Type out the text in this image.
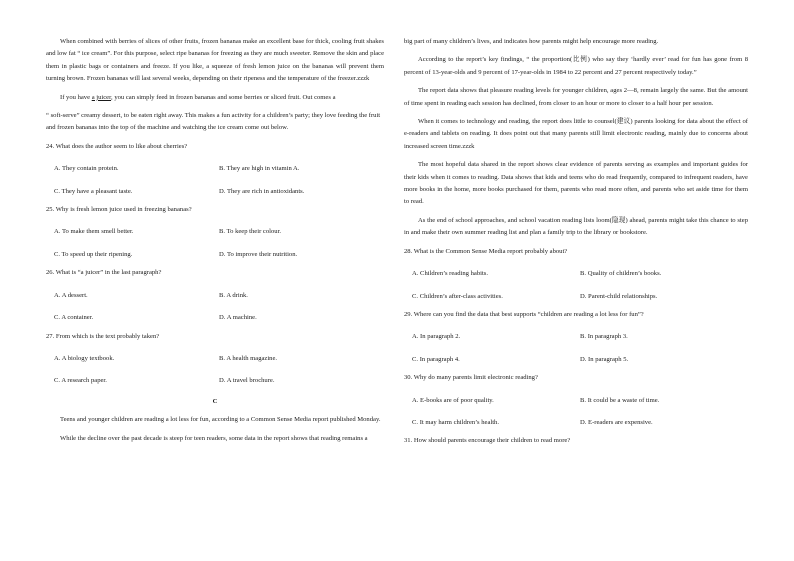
When combined with berries of slices of other fruits, frozen bananas make an excellent base for thick, cooling fruit shakes and low fat “ ice cream”. For this purpose, select ripe bananas for freezing as they are much sweeter. Remove the skin and place them in plastic bags or containers and freeze. If you like, a squeeze of fresh lemon juice on the bananas will prevent them turning brown. Frozen bananas will last several weeks, depending on their ripeness and the temperature of the freezer.zzzk

If you have a juicer, you can simply feed in frozen bananas and some berries or sliced fruit. Out comes a

“ soft-serve” creamy dessert, to be eaten right away. This makes a fun activity for a children’s party; they love feeding the fruit and frozen bananas into the top of the machine and watching the ice cream come out below.

24. What does the author seem to like about cherries?

A. They contain protein.	B. They are high in vitamin A.
C. They have a pleasant taste.	D. They are rich in antioxidants.

25. Why is fresh lemon juice used in freezing bananas?

A. To make them smell better.	B. To keep their colour.
C. To speed up their ripening.	D. To improve their nutrition.

26. What is “a juicer” in the last paragraph?

A. A dessert.	B. A drink.
C. A container.	D. A machine.

27. From which is the text probably taken?

A. A biology textbook.	B. A health magazine.
C. A research paper.	D. A travel brochure.

C

Teens and younger children are reading a lot less for fun, according to a Common Sense Media report published Monday.

While the decline over the past decade is steep for teen readers, some data in the report shows that reading remains a

big part of many children’s lives, and indicates how parents might help encourage more reading.

According to the report’s key findings, “ the proportion(比例) who say they ‘hardly ever’ read for fun has gone from 8 percent of 13-year-olds and 9 percent of 17-year-olds in 1984 to 22 percent and 27 percent respectively today.”

The report data shows that pleasure reading levels for younger children, ages 2—8, remain largely the same. But the amount of time spent in reading each session has declined, from closer to an hour or more to closer to a half hour per session.

When it comes to technology and reading, the report does little to counsel(建议) parents looking for data about the effect of e-readers and tablets on reading. It does point out that many parents still limit electronic reading, mainly due to concerns about increased screen time.zzzk

The most hopeful data shared in the report shows clear evidence of parents serving as examples and important guides for their kids when it comes to reading. Data shows that kids and teens who do read frequently, compared to infrequent readers, have more books in the home, more books purchased for them, parents who read more often, and parents who set aside time for them to read.

As the end of school approaches, and school vacation reading lists loom(隐现) ahead, parents might take this chance to step in and make their own summer reading list and plan a family trip to the library or bookstore.

28. What is the Common Sense Media report probably about?

A. Children’s reading habits.	B. Quality of children’s books.
C. Children’s after-class activities.	D. Parent-child relationships.

29. Where can you find the data that best supports “children are reading a lot less for fun”?

A. In paragraph 2.	B. In paragraph 3.
C. In paragraph 4.	D. In paragraph 5.

30. Why do many parents limit electronic reading?

A. E-books are of poor quality.	B. It could be a waste of time.
C. It may harm children’s health.	D. E-readers are expensive.

31. How should parents encourage their children to read more?
